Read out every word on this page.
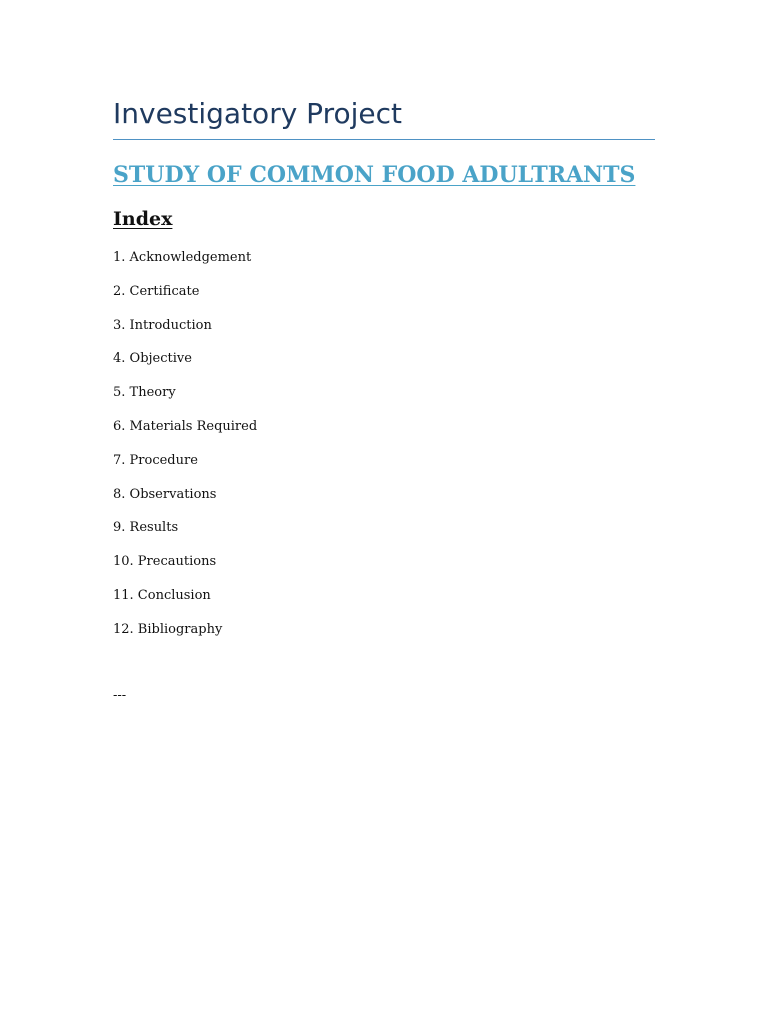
Investigatory Project
STUDY OF COMMON FOOD ADULTRANTS
Index
1. Acknowledgement
2. Certificate
3. Introduction
4. Objective
5. Theory
6. Materials Required
7. Procedure
8. Observations
9. Results
10. Precautions
11. Conclusion
12. Bibliography
---
